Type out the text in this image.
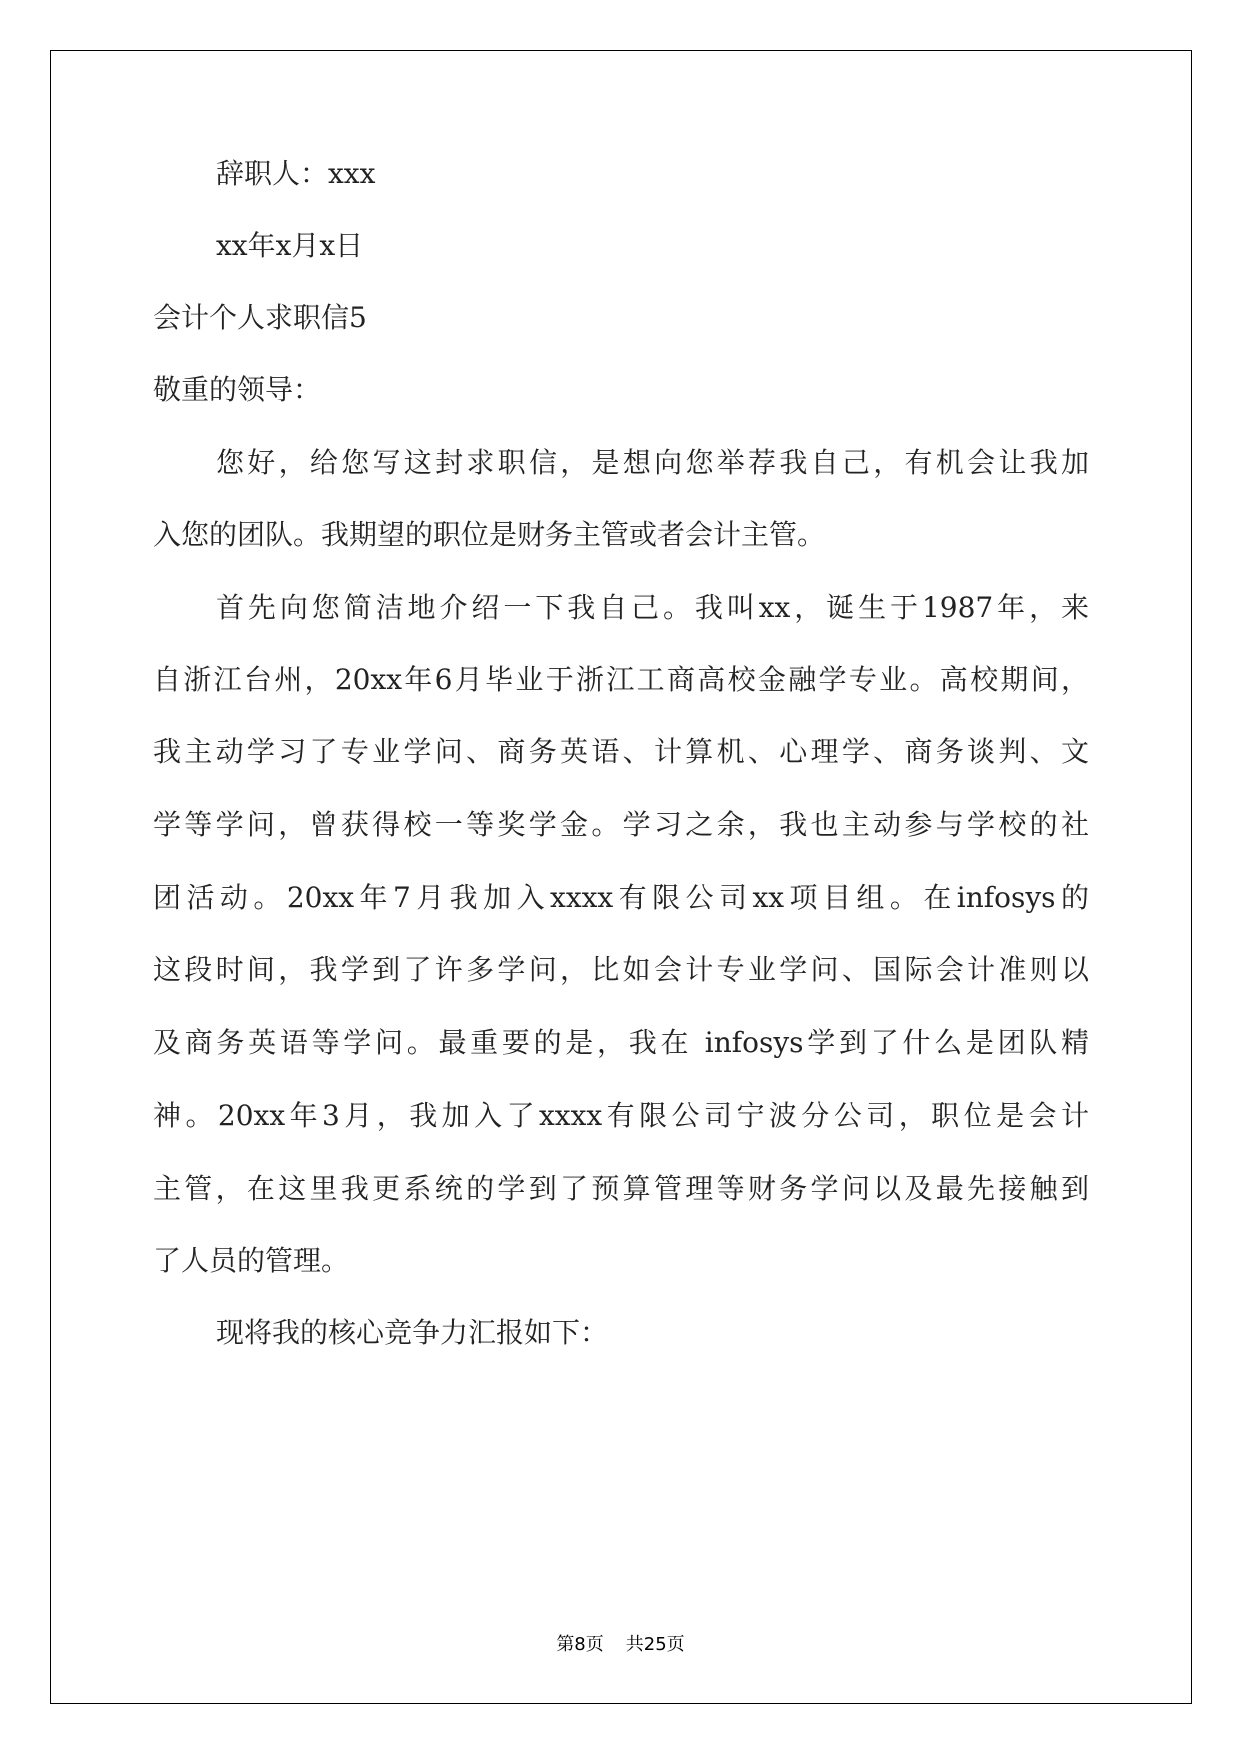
辞职人：xxx

xx年x月x日

会计个人求职信5

敬重的领导：

您好，给您写这封求职信，是想向您举荐我自己，有机会让我加

入您的团队。我期望的职位是财务主管或者会计主管。

首先向您简洁地介绍一下我自己。我叫xx，诞生于1987年，来

自浙江台州，20xx年6月毕业于浙江工商高校金融学专业。高校期间，

我主动学习了专业学问、商务英语、计算机、心理学、商务谈判、文

学等学问，曾获得校一等奖学金。学习之余，我也主动参与学校的社

团活动。20xx年7月我加入xxxx有限公司xx项目组。在infosys的

这段时间，我学到了许多学问，比如会计专业学问、国际会计准则以

及商务英语等学问。最重要的是，我在 infosys学到了什么是团队精

神。20xx年3月，我加入了xxxx有限公司宁波分公司，职位是会计

主管，在这里我更系统的学到了预算管理等财务学问以及最先接触到

了人员的管理。

现将我的核心竞争力汇报如下：

第8页 共25页
